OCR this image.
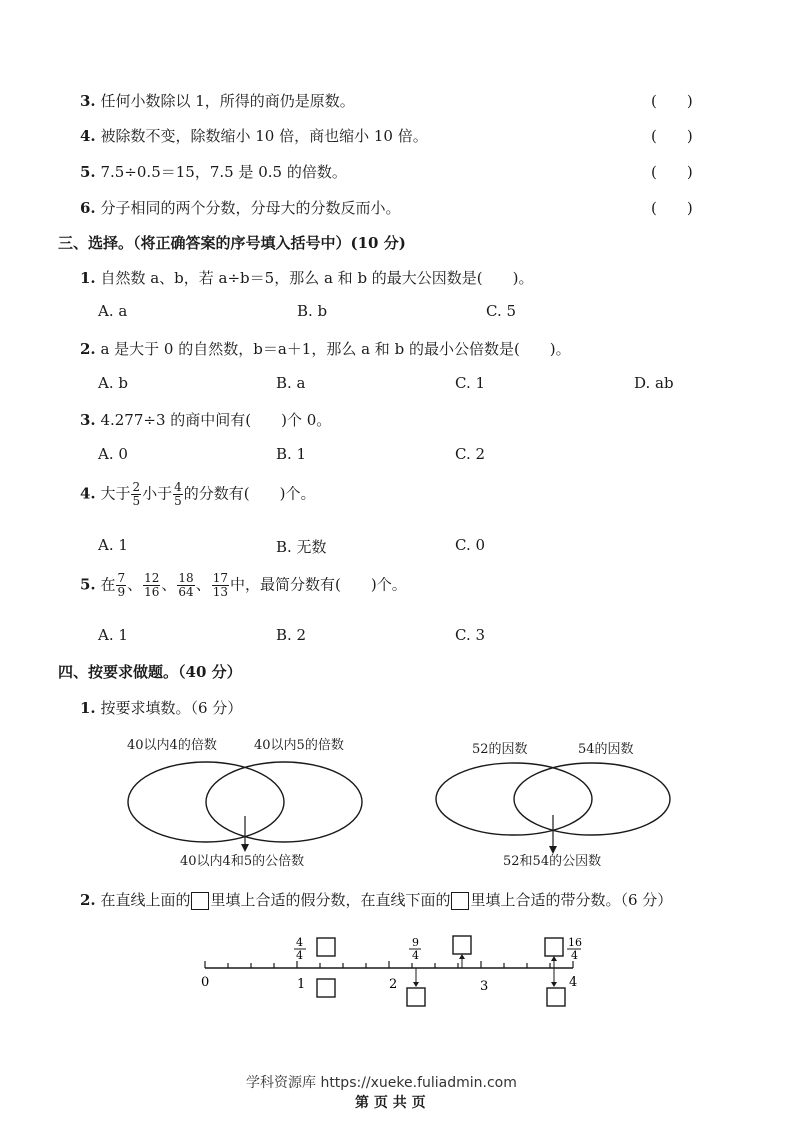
3. 任何小数除以 1，所得的商仍是原数。	(　　)
4. 被除数不变，除数缩小 10 倍，商也缩小 10 倍。	(　　)
5. 7.5÷0.5＝15，7.5 是 0.5 的倍数。	(　　)
6. 分子相同的两个分数，分母大的分数反而小。	(　　)
三、选择。（将正确答案的序号填入括号中）(10 分)
1. 自然数 a、b，若 a÷b＝5，那么 a 和 b 的最大公因数是(　　)。
A. a	B. b	C. 5
2. a 是大于 0 的自然数，b＝a＋1，那么 a 和 b 的最小公倍数是(　　)。
A. b	B. a	C. 1	D. ab
3. 4.277÷3 的商中间有(　　)个 0。
A. 0	B. 1	C. 2
4. 大于 $\frac{2}{5}$ 小于 $\frac{4}{5}$ 的分数有(　　)个。
A. 1	B. 无数	C. 0
5. 在 $\frac{7}{9}$ 、 $\frac{12}{16}$ 、 $\frac{18}{64}$ 、 $\frac{17}{13}$ 中，最简分数有(　　)个。
A. 1	B. 2	C. 3
四、按要求做题。（40 分）
1. 按要求填数。（6 分）
40以内4的倍数	40以内5的倍数
40以内4和5的公倍数
52的因数	54的因数
52和54的公因数
2. 在直线上面的 里填上合适的假分数，在直线下面的 里填上合适的带分数。（6 分）
0	1	2	3	4
4
4
9
4
16
4
学科资源库 https://xueke.fuliadmin.com
第 页 共 页
